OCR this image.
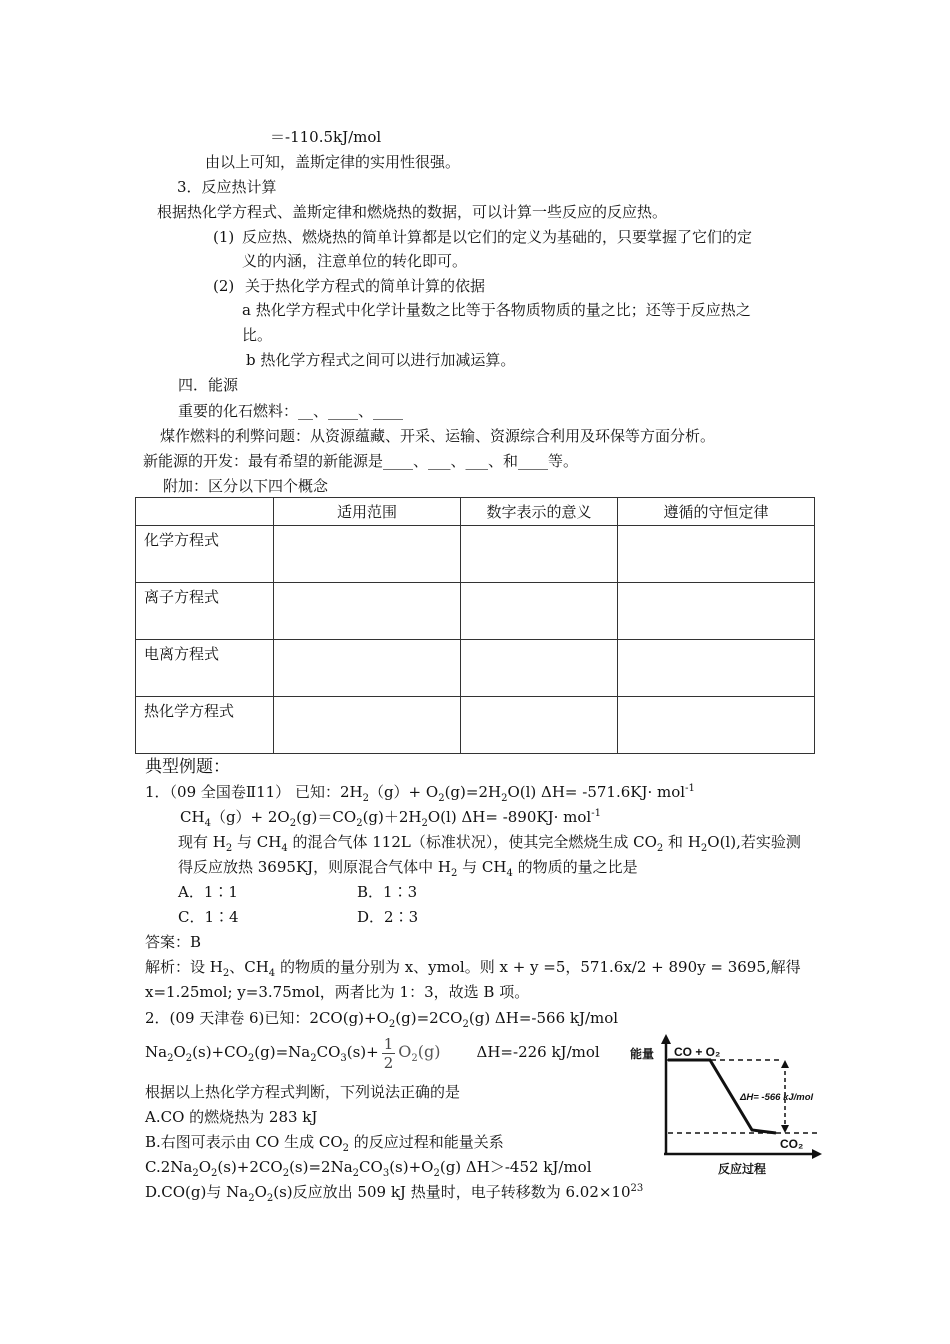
＝-110.5kJ/mol
由以上可知，盖斯定律的实用性很强。
3．反应热计算
根据热化学方程式、盖斯定律和燃烧热的数据，可以计算一些反应的反应热。
(1) 反应热、燃烧热的简单计算都是以它们的定义为基础的，只要掌握了它们的定
义的内涵，注意单位的转化即可。
(2) 关于热化学方程式的简单计算的依据
a 热化学方程式中化学计量数之比等于各物质物质的量之比；还等于反应热之
比。
b 热化学方程式之间可以进行加减运算。
四．能源
重要的化石燃料：__、____、____
煤作燃料的利弊问题：从资源蕴藏、开采、运输、资源综合利用及环保等方面分析。
新能源的开发：最有希望的新能源是____、___、___、和____等。
附加：区分以下四个概念
	适用范围	数字表示的意义	遵循的守恒定律
化学方程式			
离子方程式			
电离方程式			
热化学方程式			
典型例题：
1．（09 全国卷Ⅱ11） 已知：$2H_2(g)+ O_2(g)=2H_2O(l)$ ΔH= -571.6KJ· mol$^{-1}$
$CH_4(g)+ 2O_2(g)=CO_2(g)+2H_2O(l)$ ΔH= -890KJ· mol$^{-1}$
现有 $H_2$ 与 $CH_4$ 的混合气体 112L（标准状况），使其完全燃烧生成 $CO_2$ 和 $H_2O(l)$,若实验测
得反应放热 3695KJ，则原混合气体中 $H_2$ 与 $CH_4$ 的物质的量之比是
A．1∶1	B．1∶3
C．1∶4	D．2∶3
答案：B
解析：设 $H_2$、$CH_4$ 的物质的量分别为 x、ymol。则 x + y =5，571.6x/2 + 890y = 3695,解得
x=1.25mol; y=3.75mol，两者比为 1：3，故选 B 项。
2．(09 天津卷 6)已知：$2CO(g)+O_2(g)=2CO_2(g)$ ΔH=-566 kJ/mol
$Na_2O_2(s)+CO_2(g)=Na_2CO_3(s)+ \frac{1}{2} O_2(g)$ ΔH=-226 kJ/mol
根据以上热化学方程式判断，下列说法正确的是
A.CO 的燃烧热为 283 kJ
B.右图可表示由 CO 生成 $CO_2$ 的反应过程和能量关系
$C.2Na_2O_2(s)+2CO_2(s)=2Na_2CO_3(s)+O_2(g)$ ΔH＞-452 kJ/mol
D.CO(g)与 $Na_2O_2(s)$反应放出 509 kJ 热量时，电子转移数为 $6.02\times 10^{23}$
能量 CO + O₂
ΔH= -566 kJ/mol
CO₂
反应过程
